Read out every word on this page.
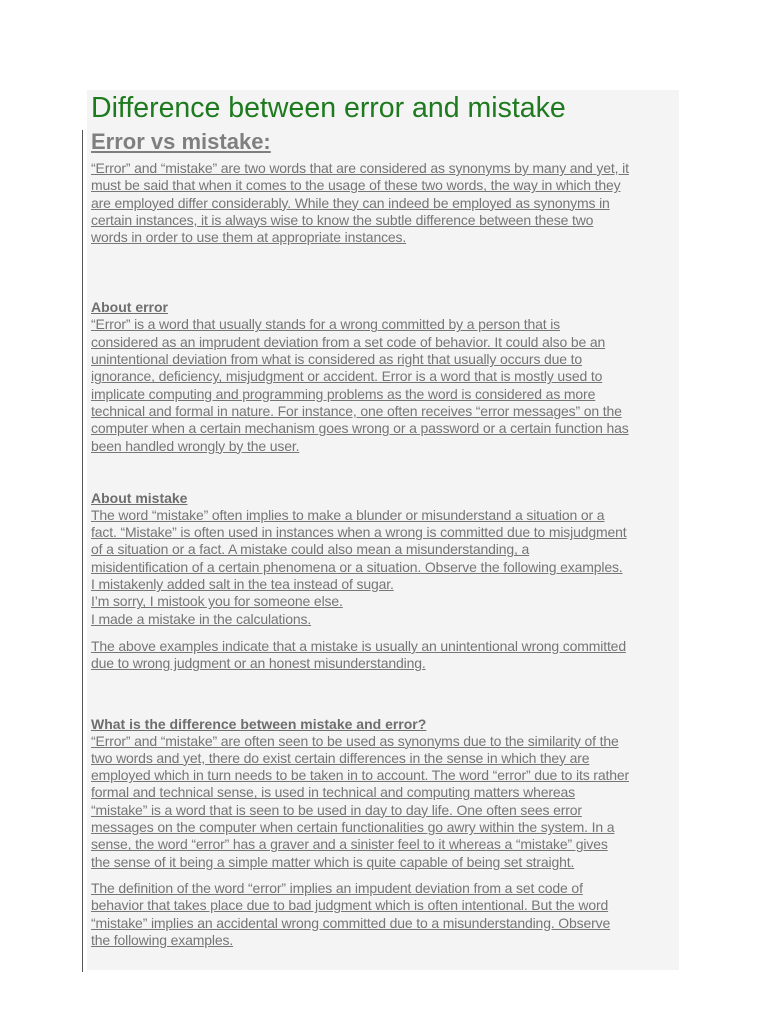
Difference between error and mistake
Error vs mistake:
“Error” and “mistake” are two words that are considered as synonyms by many and yet, it
must be said that when it comes to the usage of these two words, the way in which they
are employed differ considerably. While they can indeed be employed as synonyms in
certain instances, it is always wise to know the subtle difference between these two
words in order to use them at appropriate instances.
About error
“Error” is a word that usually stands for a wrong committed by a person that is
considered as an imprudent deviation from a set code of behavior. It could also be an
unintentional deviation from what is considered as right that usually occurs due to
ignorance, deficiency, misjudgment or accident. Error is a word that is mostly used to
implicate computing and programming problems as the word is considered as more
technical and formal in nature. For instance, one often receives “error messages” on the
computer when a certain mechanism goes wrong or a password or a certain function has
been handled wrongly by the user.
About mistake
The word “mistake” often implies to make a blunder or misunderstand a situation or a
fact. “Mistake” is often used in instances when a wrong is committed due to misjudgment
of a situation or a fact. A mistake could also mean a misunderstanding, a
misidentification of a certain phenomena or a situation. Observe the following examples.
I mistakenly added salt in the tea instead of sugar.
I’m sorry, I mistook you for someone else.
I made a mistake in the calculations.
The above examples indicate that a mistake is usually an unintentional wrong committed
due to wrong judgment or an honest misunderstanding.
What is the difference between mistake and error?
“Error” and “mistake” are often seen to be used as synonyms due to the similarity of the
two words and yet, there do exist certain differences in the sense in which they are
employed which in turn needs to be taken in to account. The word “error” due to its rather
formal and technical sense, is used in technical and computing matters whereas
“mistake” is a word that is seen to be used in day to day life. One often sees error
messages on the computer when certain functionalities go awry within the system. In a
sense, the word “error” has a graver and a sinister feel to it whereas a “mistake” gives
the sense of it being a simple matter which is quite capable of being set straight.
The definition of the word “error” implies an impudent deviation from a set code of
behavior that takes place due to bad judgment which is often intentional. But the word
“mistake” implies an accidental wrong committed due to a misunderstanding. Observe
the following examples.
